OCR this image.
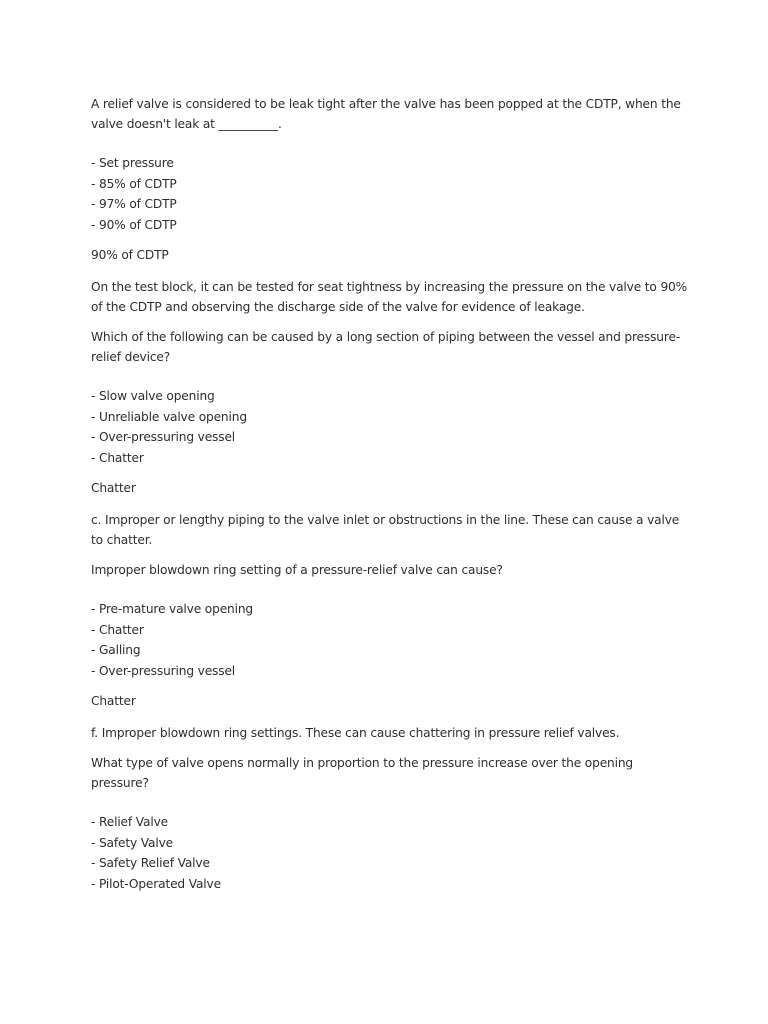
A relief valve is considered to be leak tight after the valve has been popped at the CDTP, when the valve doesn't leak at __________.

- Set pressure
- 85% of CDTP
- 97% of CDTP
- 90% of CDTP

90% of CDTP

On the test block, it can be tested for seat tightness by increasing the pressure on the valve to 90% of the CDTP and observing the discharge side of the valve for evidence of leakage.

Which of the following can be caused by a long section of piping between the vessel and pressure-relief device?

- Slow valve opening
- Unreliable valve opening
- Over-pressuring vessel
- Chatter

Chatter

c. Improper or lengthy piping to the valve inlet or obstructions in the line. These can cause a valve to chatter.

Improper blowdown ring setting of a pressure-relief valve can cause?

- Pre-mature valve opening
- Chatter
- Galling
- Over-pressuring vessel

Chatter

f. Improper blowdown ring settings. These can cause chattering in pressure relief valves.

What type of valve opens normally in proportion to the pressure increase over the opening pressure?

- Relief Valve
- Safety Valve
- Safety Relief Valve
- Pilot-Operated Valve
